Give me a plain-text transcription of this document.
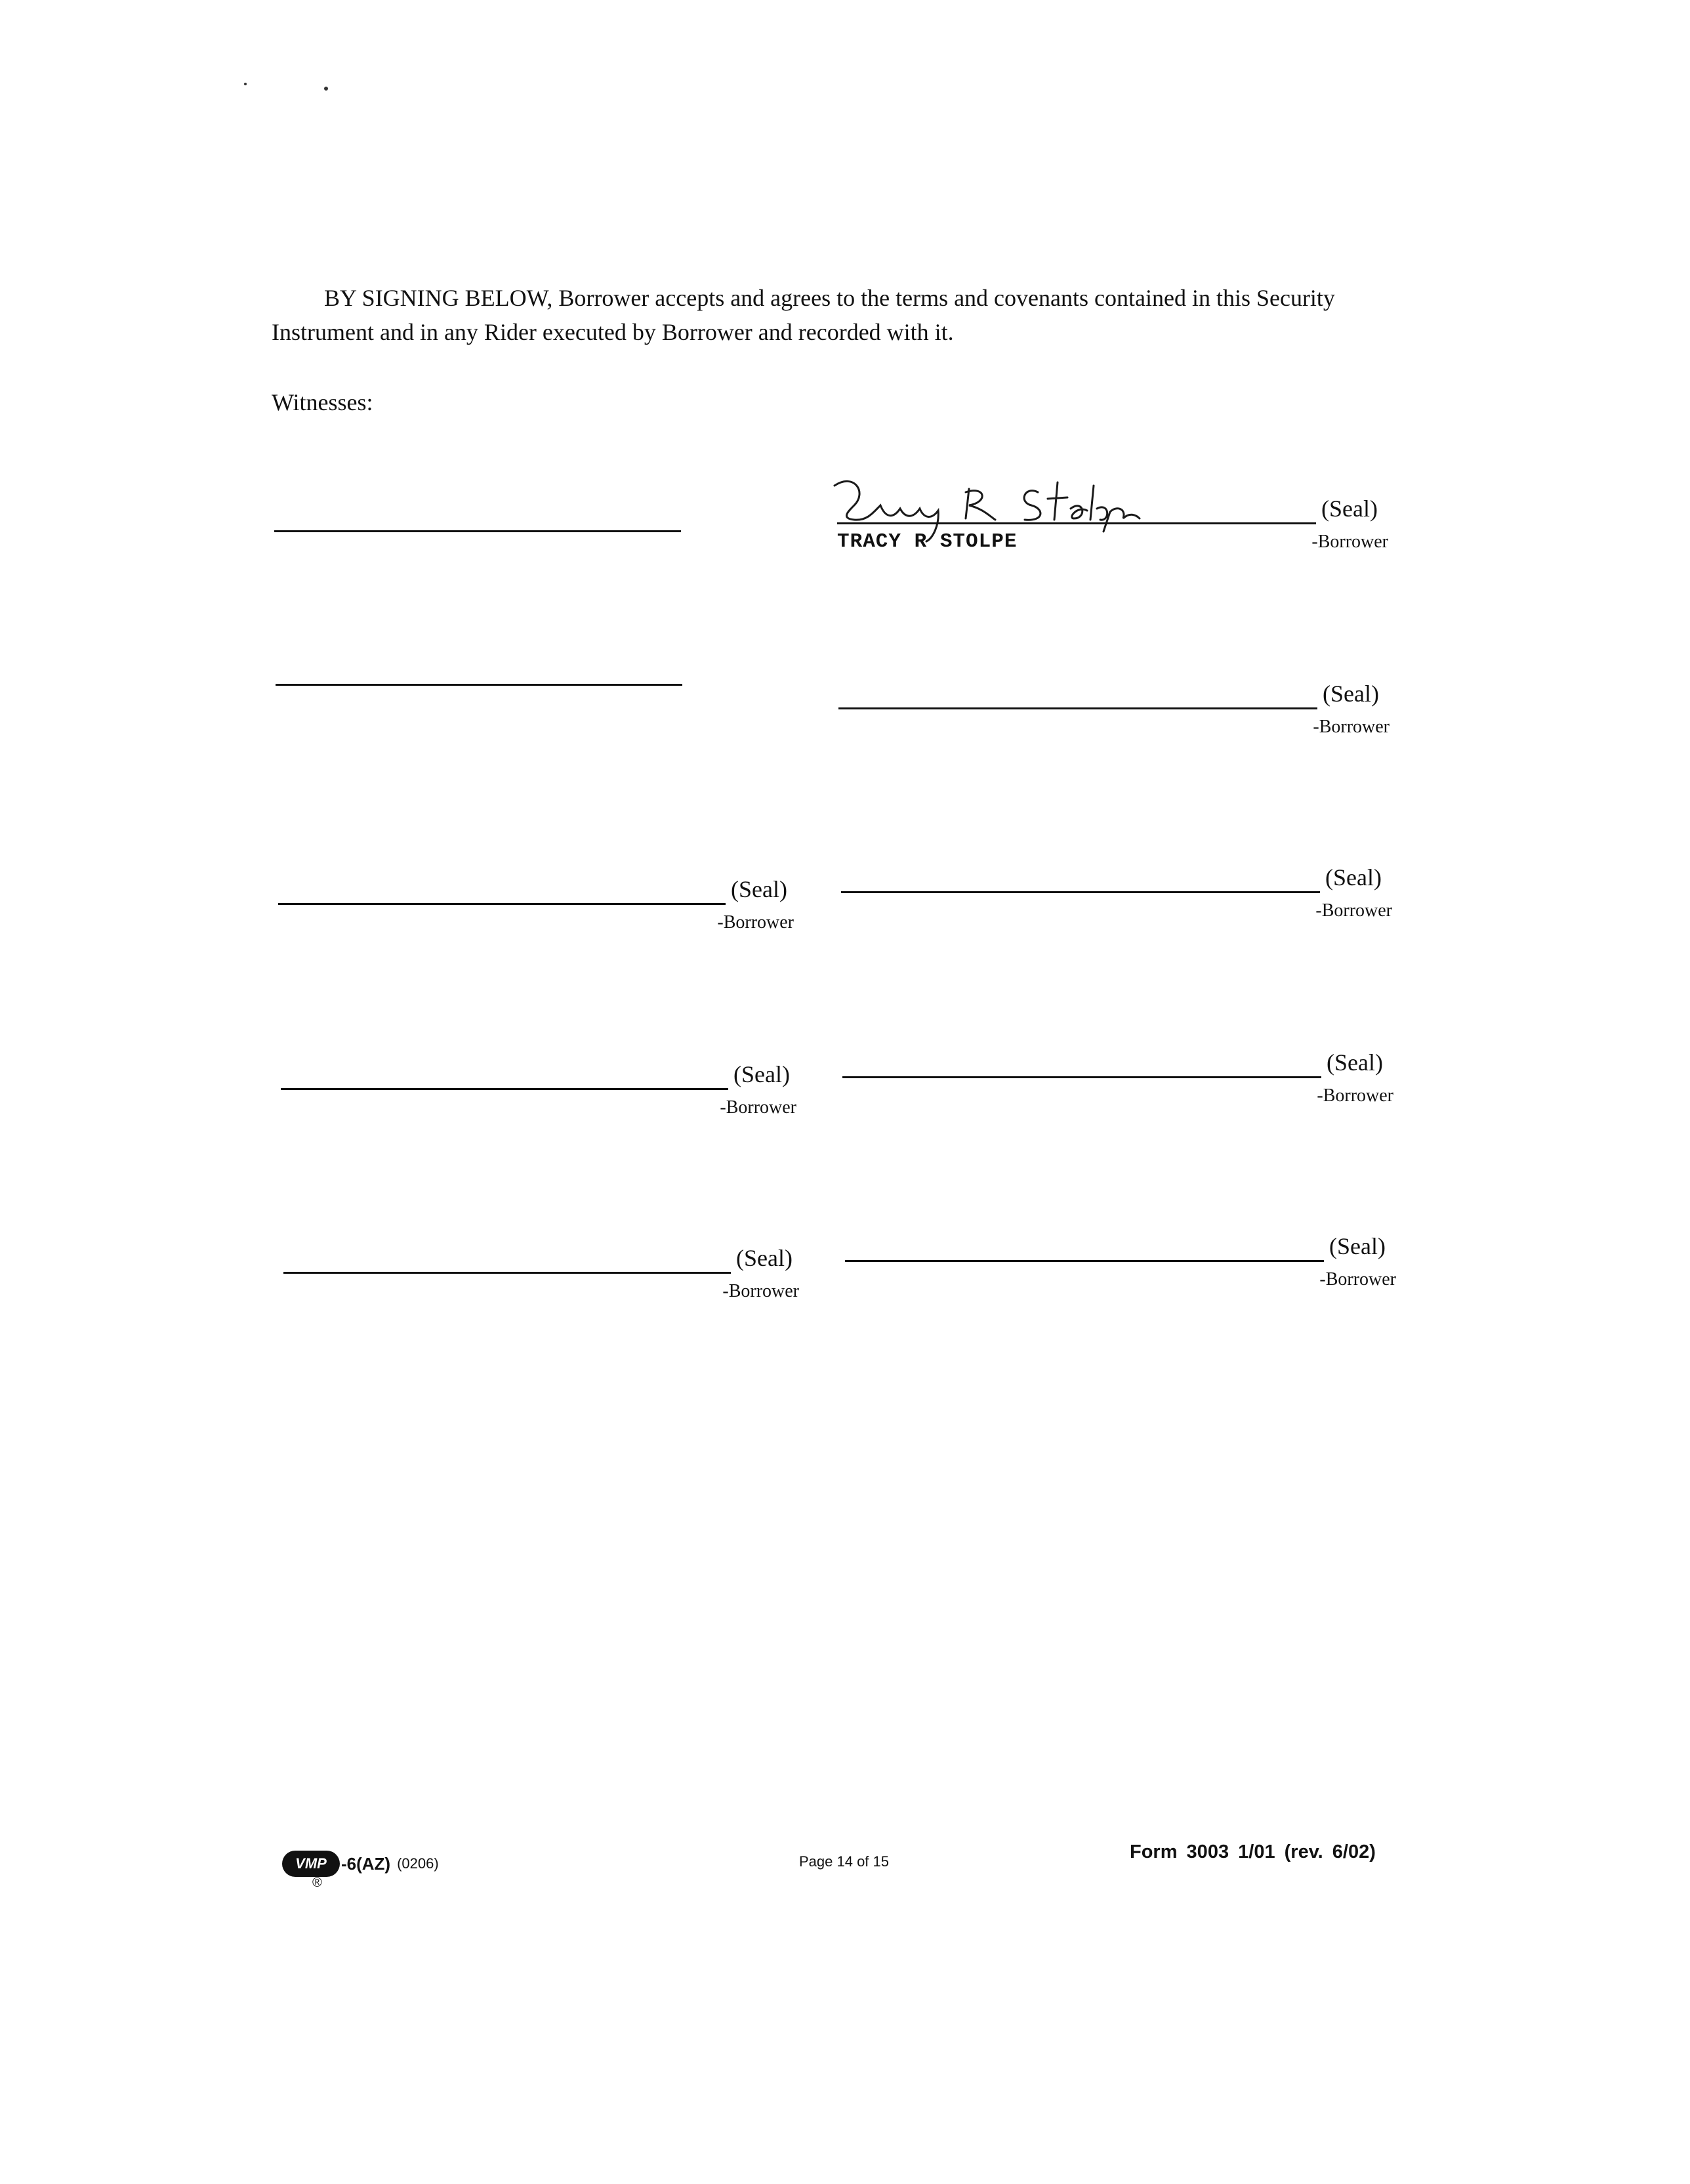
BY SIGNING BELOW, Borrower accepts and agrees to the terms and covenants contained in this Security Instrument and in any Rider executed by Borrower and recorded with it.
Witnesses:
(Seal)
TRACY R STOLPE	-Borrower
(Seal)
-Borrower
(Seal)
-Borrower
(Seal)
-Borrower
(Seal)
-Borrower
(Seal)
-Borrower
(Seal)
-Borrower
(Seal)
-Borrower
VMP -6(AZ) (0206)
®
Page 14 of 15	Form 3003 1/01 (rev. 6/02)
